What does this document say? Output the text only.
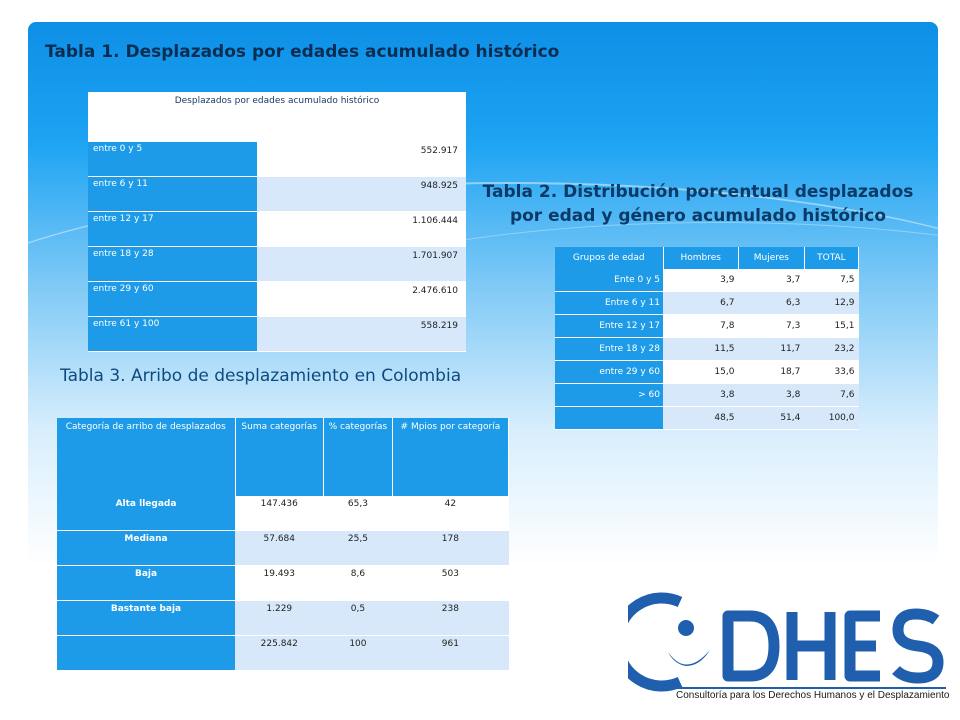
Tabla 1. Desplazados por edades acumulado histórico
Desplazados por edades acumulado histórico	
entre 0 y 5	552.917
entre 6 y 11	948.925
entre 12 y 17	1.106.444
entre 18 y 28	1.701.907
entre 29 y 60	2.476.610
entre 61 y 100	558.219
Tabla 2. Distribución porcentual desplazados por edad y género acumulado histórico
Grupos de edad	Hombres	Mujeres	TOTAL
Ente 0 y 5	3,9	3,7	7,5
Entre 6 y 11	6,7	6,3	12,9
Entre 12 y 17	7,8	7,3	15,1
Entre 18 y 28	11,5	11,7	23,2
entre 29 y 60	15,0	18,7	33,6
> 60	3,8	3,8	7,6
	48,5	51,4	100,0
Tabla 3. Arribo de desplazamiento en Colombia
Categoría de arribo de desplazados	Suma categorías	% categorías	# Mpios por categoría
Alta llegada	147.436	65,3	42
Mediana	57.684	25,5	178
Baja	19.493	8,6	503
Bastante baja	1.229	0,5	238
	225.842	100	961
Consultoría para los Derechos Humanos y el Desplazamiento
